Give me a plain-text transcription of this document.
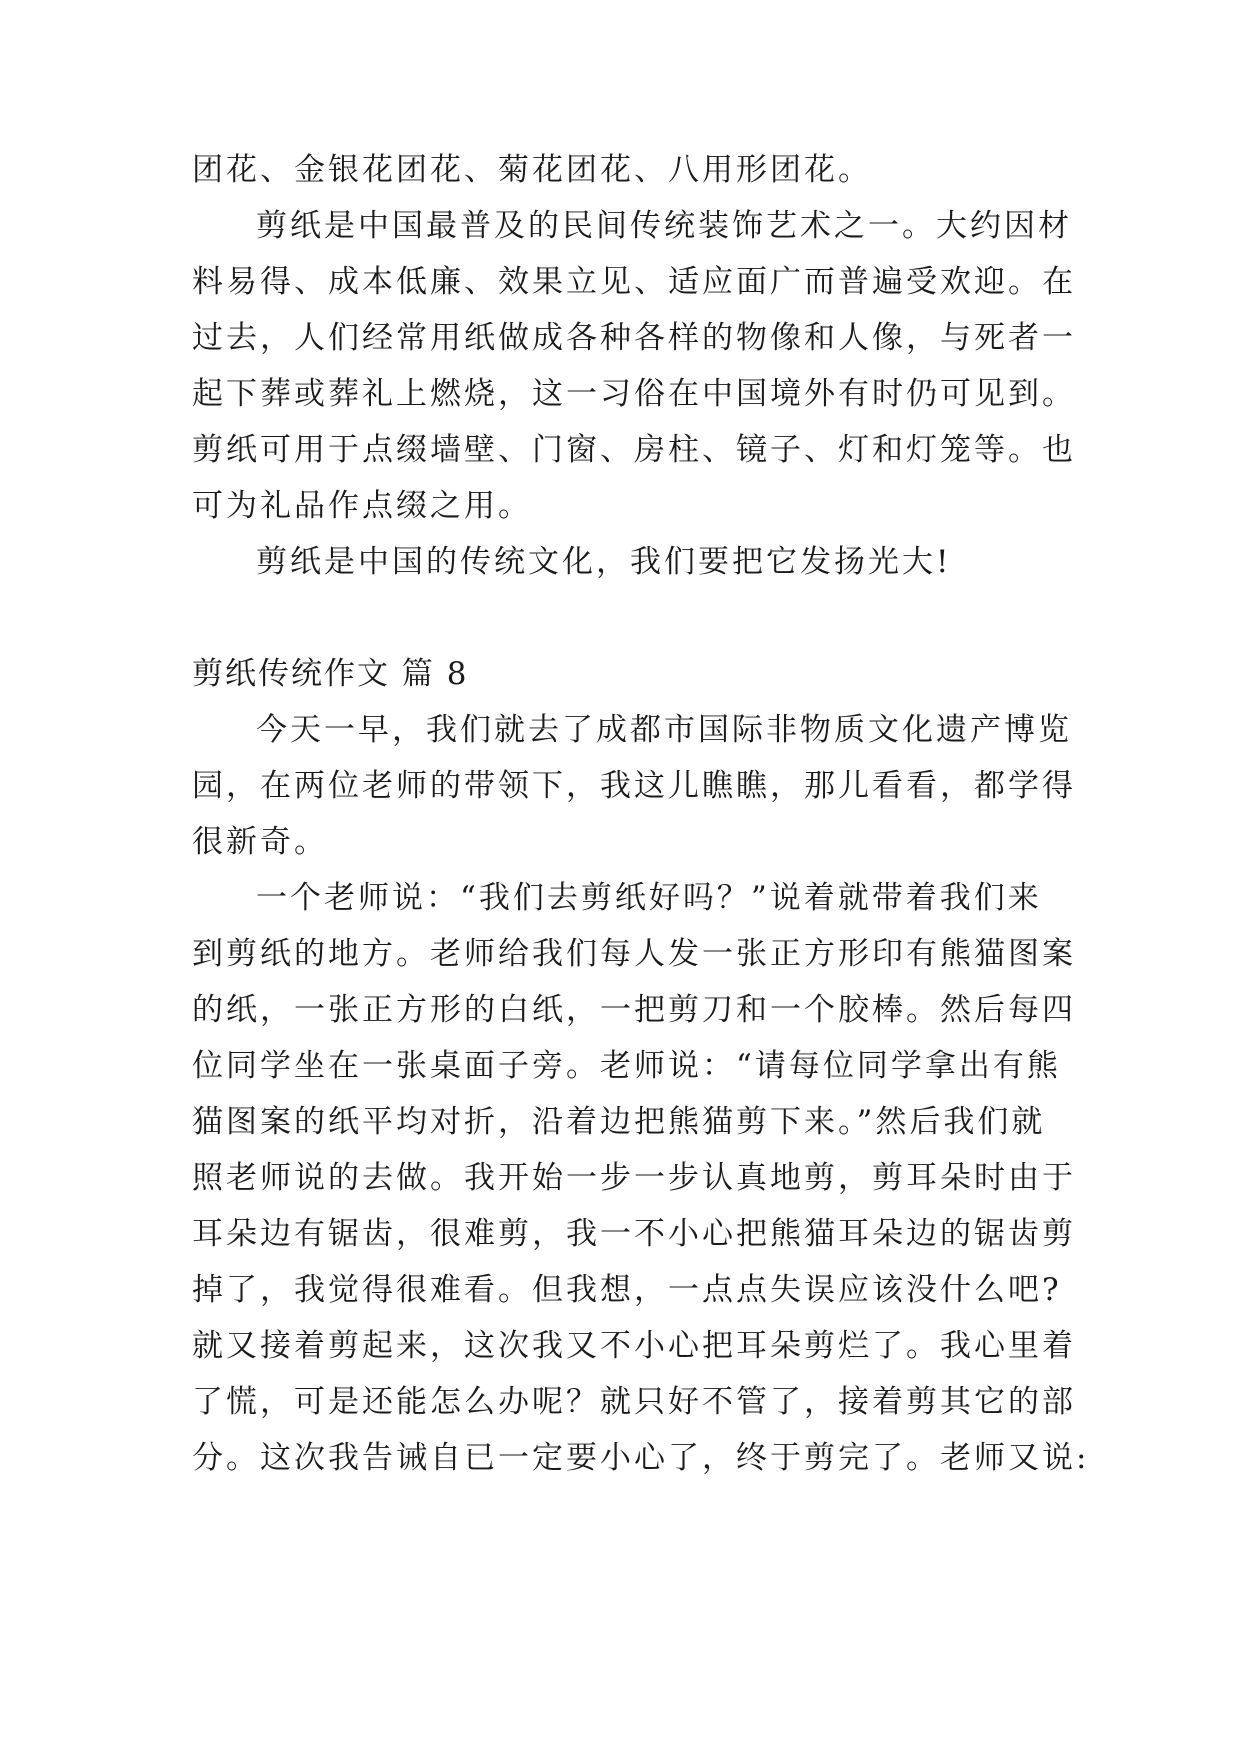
团花、金银花团花、菊花团花、八用形团花。
剪纸是中国最普及的民间传统装饰艺术之一。大约因材
料易得、成本低廉、效果立见、适应面广而普遍受欢迎。在
过去，人们经常用纸做成各种各样的物像和人像，与死者一
起下葬或葬礼上燃烧，这一习俗在中国境外有时仍可见到。
剪纸可用于点缀墙壁、门窗、房柱、镜子、灯和灯笼等。也
可为礼品作点缀之用。
剪纸是中国的传统文化，我们要把它发扬光大!
剪纸传统作文 篇 8
今天一早，我们就去了成都市国际非物质文化遗产博览
园，在两位老师的带领下，我这儿瞧瞧，那儿看看，都学得
很新奇。
一个老师说：“我们去剪纸好吗？”说着就带着我们来
到剪纸的地方。老师给我们每人发一张正方形印有熊猫图案
的纸，一张正方形的白纸，一把剪刀和一个胶棒。然后每四
位同学坐在一张桌面子旁。老师说：“请每位同学拿出有熊
猫图案的纸平均对折，沿着边把熊猫剪下来。”然后我们就
照老师说的去做。我开始一步一步认真地剪，剪耳朵时由于
耳朵边有锯齿，很难剪，我一不小心把熊猫耳朵边的锯齿剪
掉了，我觉得很难看。但我想，一点点失误应该没什么吧?
就又接着剪起来，这次我又不小心把耳朵剪烂了。我心里着
了慌，可是还能怎么办呢？就只好不管了，接着剪其它的部
分。这次我告诫自已一定要小心了，终于剪完了。老师又说:
